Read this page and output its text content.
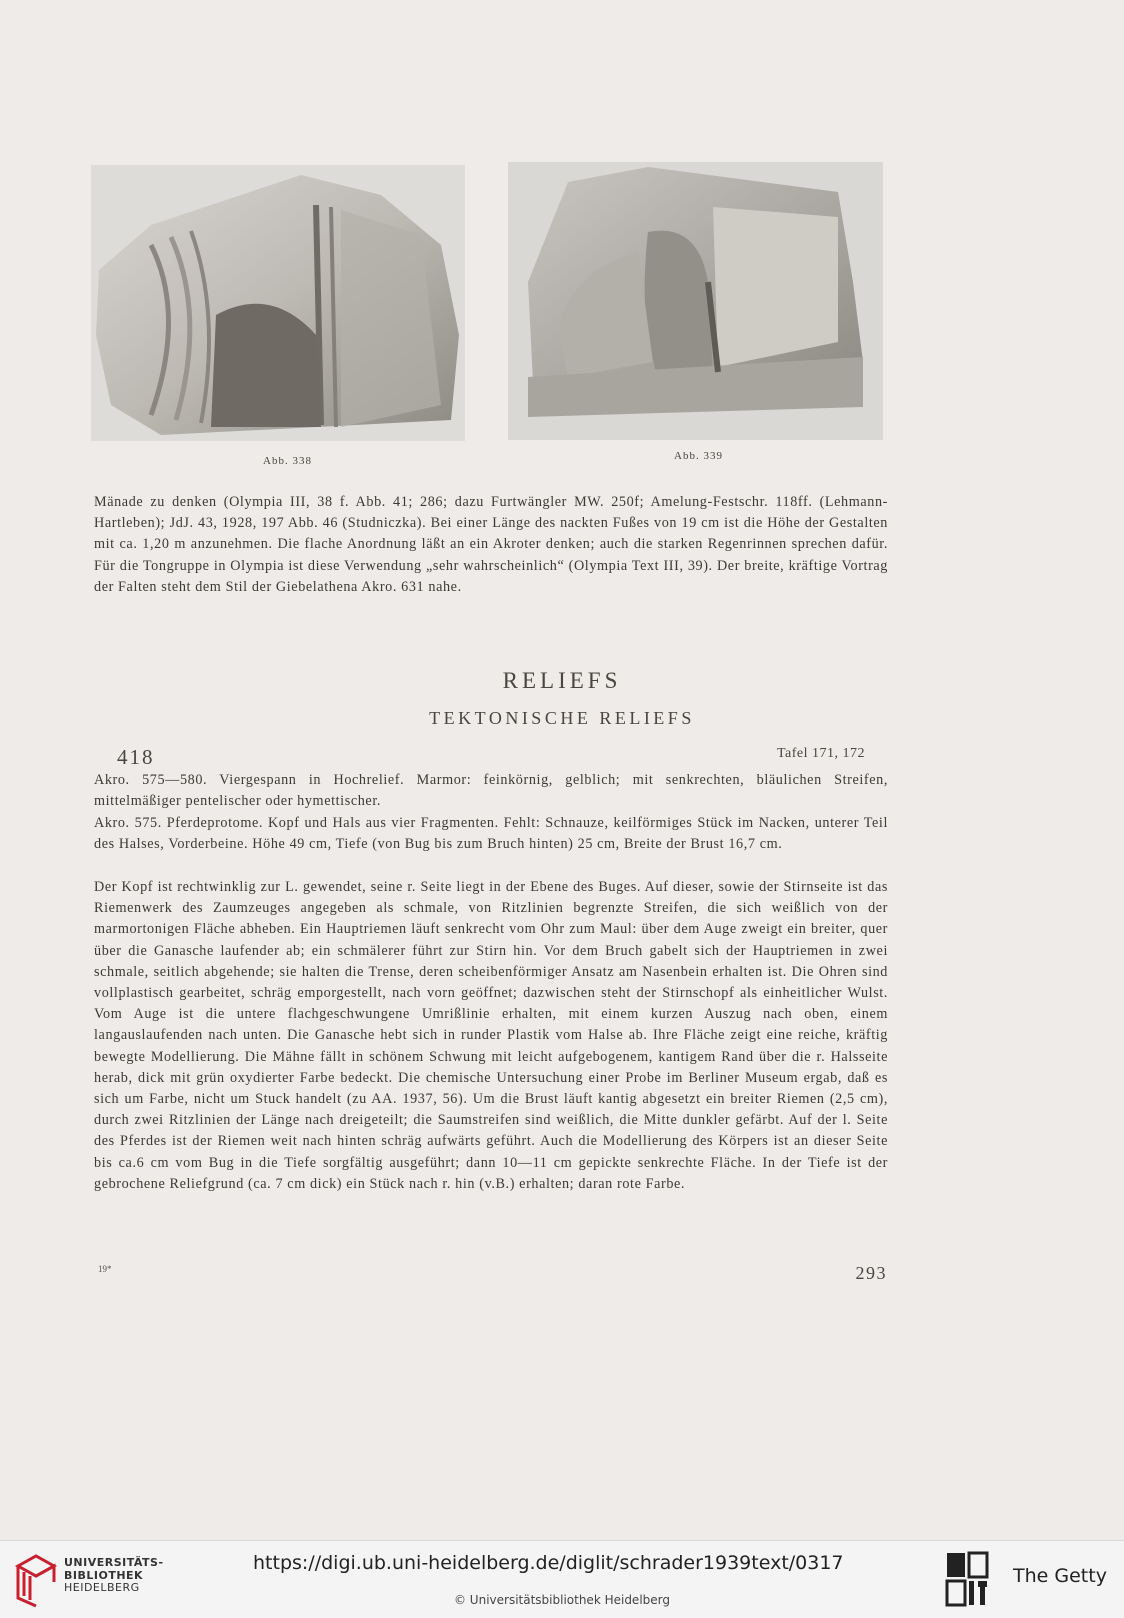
Abb. 338	Abb. 339

Mänade zu denken (Olympia III, 38 f. Abb. 41; 286; dazu Furtwängler MW. 250f; Amelung-Festschr. 118ff. (Lehmann-Hartleben); JdJ. 43, 1928, 197 Abb. 46 (Studniczka). Bei einer Länge des nackten Fußes von 19 cm ist die Höhe der Gestalten mit ca. 1,20 m anzunehmen. Die flache Anordnung läßt an ein Akroter denken; auch die starken Regenrinnen sprechen dafür. Für die Tongruppe in Olympia ist diese Verwendung „sehr wahrscheinlich“ (Olympia Text III, 39). Der breite, kräftige Vortrag der Falten steht dem Stil der Giebelathena Akro. 631 nahe.

RELIEFS
TEKTONISCHE RELIEFS
418	Tafel 171, 172

Akro. 575—580. Viergespann in Hochrelief. Marmor: feinkörnig, gelblich; mit senkrechten, bläulichen Streifen, mittelmäßiger pentelischer oder hymettischer.

Akro. 575. Pferdeprotome. Kopf und Hals aus vier Fragmenten. Fehlt: Schnauze, keilförmiges Stück im Nacken, unterer Teil des Halses, Vorderbeine. Höhe 49 cm, Tiefe (von Bug bis zum Bruch hinten) 25 cm, Breite der Brust 16,7 cm.

Der Kopf ist rechtwinklig zur L. gewendet, seine r. Seite liegt in der Ebene des Buges. Auf dieser, sowie der Stirnseite ist das Riemenwerk des Zaumzeuges angegeben als schmale, von Ritzlinien begrenzte Streifen, die sich weißlich von der marmortonigen Fläche abheben. Ein Hauptriemen läuft senkrecht vom Ohr zum Maul: über dem Auge zweigt ein breiter, quer über die Ganasche laufender ab; ein schmälerer führt zur Stirn hin. Vor dem Bruch gabelt sich der Hauptriemen in zwei schmale, seitlich abgehende; sie halten die Trense, deren scheibenförmiger Ansatz am Nasenbein erhalten ist. Die Ohren sind vollplastisch gearbeitet, schräg emporgestellt, nach vorn geöffnet; dazwischen steht der Stirnschopf als einheitlicher Wulst. Vom Auge ist die untere flachgeschwungene Umrißlinie erhalten, mit einem kurzen Auszug nach oben, einem langauslaufenden nach unten. Die Ganasche hebt sich in runder Plastik vom Halse ab. Ihre Fläche zeigt eine reiche, kräftig bewegte Modellierung. Die Mähne fällt in schönem Schwung mit leicht aufgebogenem, kantigem Rand über die r. Halsseite herab, dick mit grün oxydierter Farbe bedeckt. Die chemische Untersuchung einer Probe im Berliner Museum ergab, daß es sich um Farbe, nicht um Stuck handelt (zu AA. 1937, 56). Um die Brust läuft kantig abgesetzt ein breiter Riemen (2,5 cm), durch zwei Ritzlinien der Länge nach dreigeteilt; die Saumstreifen sind weißlich, die Mitte dunkler gefärbt. Auf der l. Seite des Pferdes ist der Riemen weit nach hinten schräg aufwärts geführt. Auch die Modellierung des Körpers ist an dieser Seite bis ca.6 cm vom Bug in die Tiefe sorgfältig ausgeführt; dann 10—11 cm gepickte senkrechte Fläche. In der Tiefe ist der gebrochene Reliefgrund (ca. 7 cm dick) ein Stück nach r. hin (v.B.) erhalten; daran rote Farbe.

19*	293
UNIVERSITÄTS-
BIBLIOTHEK
HEIDELBERG
https://digi.ub.uni-heidelberg.de/diglit/schrader1939text/0317
© Universitätsbibliothek Heidelberg
The Getty
